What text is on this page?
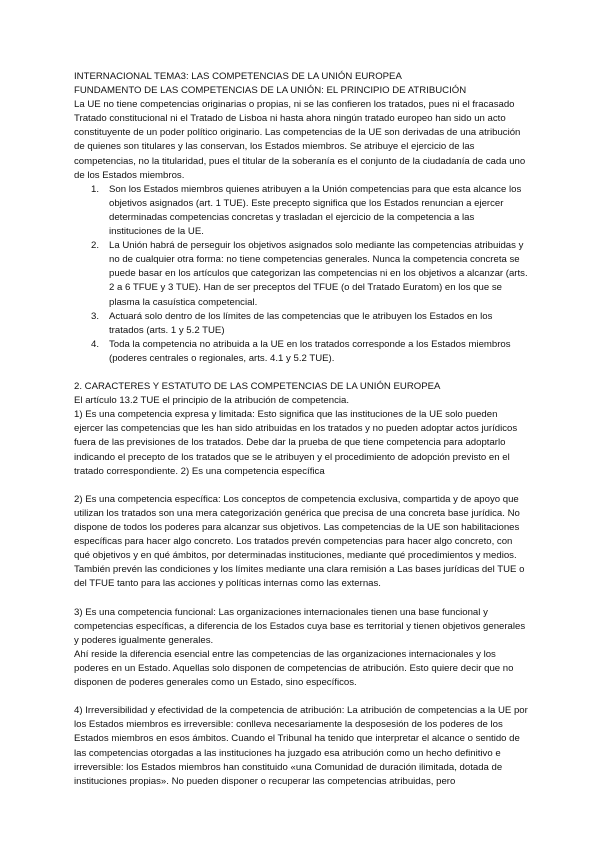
INTERNACIONAL TEMA3: LAS COMPETENCIAS DE LA UNIÓN EUROPEA

FUNDAMENTO DE LAS COMPETENCIAS DE LA UNIÓN: EL PRINCIPIO DE ATRIBUCIÓN

La UE no tiene competencias originarias o propias, ni se las confieren los tratados, pues ni el fracasado Tratado constitucional ni el Tratado de Lisboa ni hasta ahora ningún tratado europeo han sido un acto constituyente de un poder político originario. Las competencias de la UE son derivadas de una atribución de quienes son titulares y las conservan, los Estados miembros. Se atribuye el ejercicio de las competencias, no la titularidad, pues el titular de la soberanía es el conjunto de la ciudadanía de cada uno de los Estados miembros.

1. Son los Estados miembros quienes atribuyen a la Unión competencias para que esta alcance los objetivos asignados (art. 1 TUE). Este precepto significa que los Estados renuncian a ejercer determinadas competencias concretas y trasladan el ejercicio de la competencia a las instituciones de la UE.
2. La Unión habrá de perseguir los objetivos asignados solo mediante las competencias atribuidas y no de cualquier otra forma: no tiene competencias generales. Nunca la competencia concreta se puede basar en los artículos que categorizan las competencias ni en los objetivos a alcanzar (arts. 2 a 6 TFUE y 3 TUE). Han de ser preceptos del TFUE (o del Tratado Euratom) en los que se plasma la casuística competencial.
3. Actuará solo dentro de los límites de las competencias que le atribuyen los Estados en los tratados (arts. 1 y 5.2 TUE)
4. Toda la competencia no atribuida a la UE en los tratados corresponde a los Estados miembros (poderes centrales o regionales, arts. 4.1 y 5.2 TUE).

2. CARACTERES Y ESTATUTO DE LAS COMPETENCIAS DE LA UNIÓN EUROPEA

El artículo 13.2 TUE el principio de la atribución de competencia.

1) Es una competencia expresa y limitada: Esto significa que las instituciones de la UE solo pueden ejercer las competencias que les han sido atribuidas en los tratados y no pueden adoptar actos jurídicos fuera de las previsiones de los tratados. Debe dar la prueba de que tiene competencia para adoptarlo indicando el precepto de los tratados que se le atribuyen y el procedimiento de adopción previsto en el tratado correspondiente. 2) Es una competencia específica

2) Es una competencia específica: Los conceptos de competencia exclusiva, compartida y de apoyo que utilizan los tratados son una mera categorización genérica que precisa de una concreta base jurídica. No dispone de todos los poderes para alcanzar sus objetivos. Las competencias de la UE son habilitaciones específicas para hacer algo concreto. Los tratados prevén competencias para hacer algo concreto, con qué objetivos y en qué ámbitos, por determinadas instituciones, mediante qué procedimientos y medios. También prevén las condiciones y los límites mediante una clara remisión a Las bases jurídicas del TUE o del TFUE tanto para las acciones y políticas internas como las externas.

3) Es una competencia funcional: Las organizaciones internacionales tienen una base funcional y competencias específicas, a diferencia de los Estados cuya base es territorial y tienen objetivos generales y poderes igualmente generales.

Ahí reside la diferencia esencial entre las competencias de las organizaciones internacionales y los poderes en un Estado. Aquellas solo disponen de competencias de atribución. Esto quiere decir que no disponen de poderes generales como un Estado, sino específicos.

4) Irreversibilidad y efectividad de la competencia de atribución: La atribución de competencias a la UE por los Estados miembros es irreversible: conlleva necesariamente la desposesión de los poderes de los Estados miembros en esos ámbitos. Cuando el Tribunal ha tenido que interpretar el alcance o sentido de las competencias otorgadas a las instituciones ha juzgado esa atribución como un hecho definitivo e irreversible: los Estados miembros han constituido «una Comunidad de duración ilimitada, dotada de instituciones propias». No pueden disponer o recuperar las competencias atribuidas, pero
